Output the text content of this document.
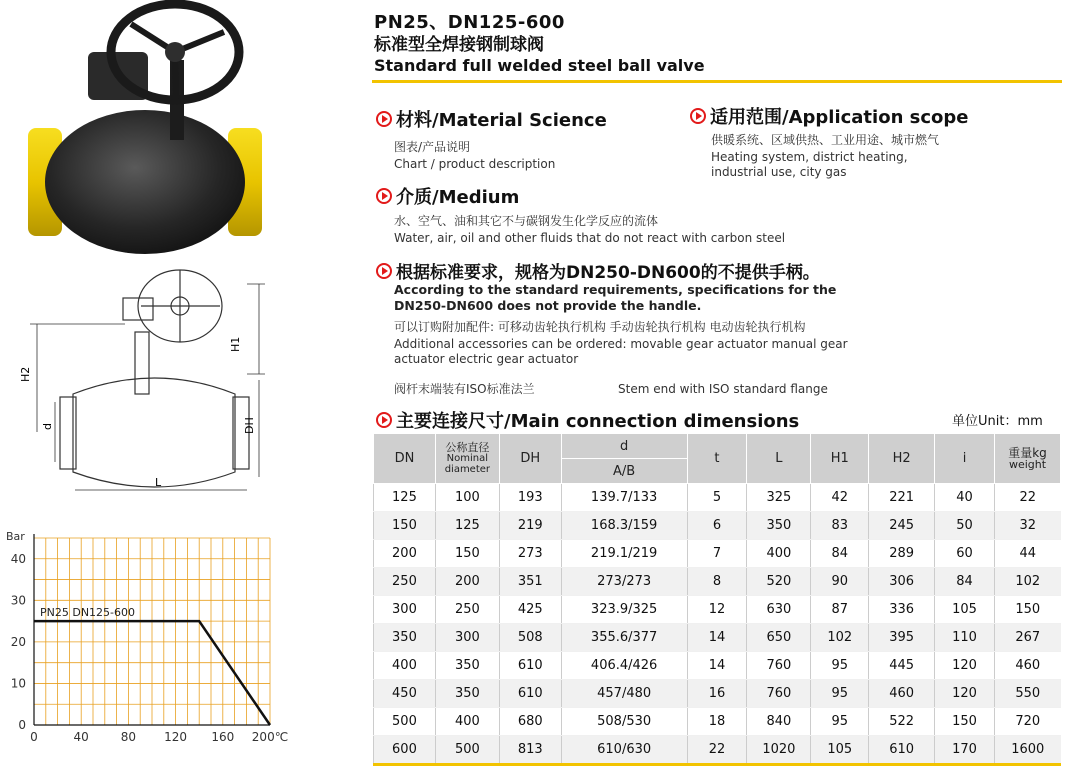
H2
H1
d	DH
L
Bar
0	40	80 120 160 200℃
0
10
20
30
40
PN25 DN125-600
PN25、DN125-600
标准型全焊接钢制球阀
Standard full welded steel ball valve
材料/Material Science
图表/产品说明
Chart / product description
适用范围/Application scope
供暖系统、区域供热、工业用途、城市燃气
Heating system, district heating,
industrial use, city gas
介质/Medium
水、空气、油和其它不与碳钢发生化学反应的流体
Water, air, oil and other fluids that do not react with carbon steel
根据标准要求，规格为DN250-DN600的不提供手柄。
According to the standard requirements, specifications for the
DN250-DN600 does not provide the handle.
可以订购附加配件: 可移动齿轮执行机构 手动齿轮执行机构 电动齿轮执行机构
Additional accessories can be ordered: movable gear actuator manual gear
actuator electric gear actuator
阀杆末端装有ISO标准法兰	Stem end with ISO standard flange
主要连接尺寸/Main connection dimensions	单位Unit：mm
DN	公称直径
Nominal
diameter	DH	d	t	L	H1	H2	i	重量kg
weight

			A/B						
125	100	193	139.7/133	5	325	42	221	40	22
150	125	219	168.3/159	6	350	83	245	50	32
200	150	273	219.1/219	7	400	84	289	60	44
250	200	351	273/273	8	520	90	306	84	102
300	250	425	323.9/325	12	630	87	336	105	150
350	300	508	355.6/377	14	650	102	395	110	267
400	350	610	406.4/426	14	760	95	445	120	460
450	350	610	457/480	16	760	95	460	120	550
500	400	680	508/530	18	840	95	522	150	720
600	500	813	610/630	22	1020	105	610	170	1600
